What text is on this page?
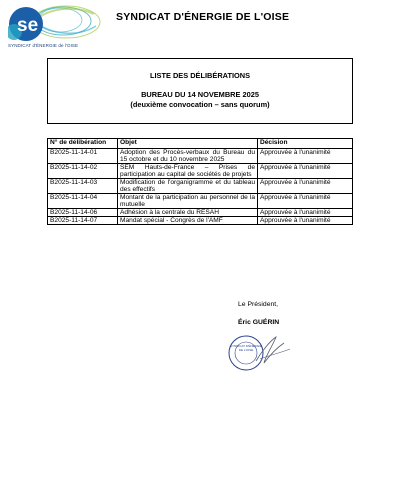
se
SYNDICAT d'ÉNERGIE de l'OISE
SYNDICAT D'ÉNERGIE DE L'OISE
LISTE DES DÉLIBÉRATIONS
BUREAU DU 14 NOVEMBRE 2025
(deuxième convocation – sans quorum)
N° de délibération	Objet	Décision
B2025-11-14-01	Adoption des Procès-verbaux du Bureau du 15 octobre et du 10 novembre 2025	Approuvée à l'unanimité
B2025-11-14-02	SEM Hauts-de-France – Prises de participation au capital de sociétés de projets	Approuvée à l'unanimité
B2025-11-14-03	Modification de l'organigramme et du tableau des effectifs	Approuvée à l'unanimité
B2025-11-14-04	Montant de la participation au personnel de la mutuelle	Approuvée à l'unanimité
B2025-11-14-06	Adhésion à la centrale du RESAH	Approuvée à l'unanimité
B2025-11-14-07	Mandat spécial - Congrès de l'AMF	Approuvée à l'unanimité
Le Président,
Éric GUÉRIN
SYNDICAT D'ÉNERGIE DE L'OISE
